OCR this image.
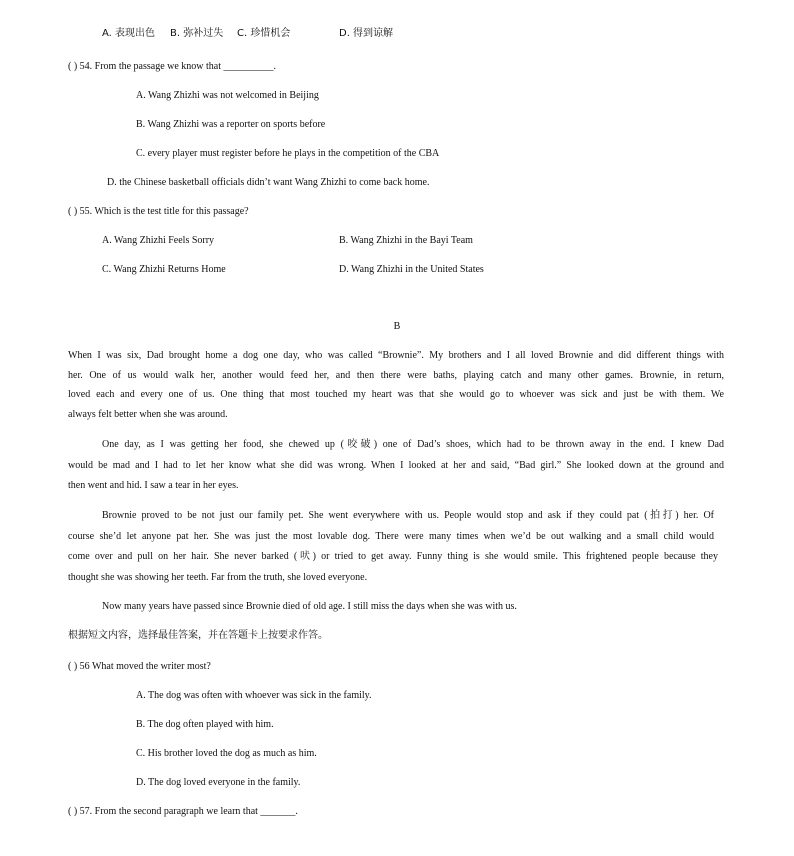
A. 表现出色 B. 弥补过失 C. 珍惜机会	D. 得到谅解
( ) 54. From the passage we know that __________.
A. Wang Zhizhi was not welcomed in Beijing
B. Wang Zhizhi was a reporter on sports before
C. every player must register before he plays in the competition of the CBA
D. the Chinese basketball officials didn’t want Wang Zhizhi to come back home.
( ) 55. Which is the test title for this passage?
A. Wang Zhizhi Feels Sorry	B. Wang Zhizhi in the Bayi Team
C. Wang Zhizhi Returns Home	D. Wang Zhizhi in the United States
B
When I was six, Dad brought home a dog one day, who was called “Brownie”. My brothers and I all loved Brownie and did different things with
her. One of us would walk her, another would feed her, and then there were baths, playing catch and many other games. Brownie, in return,
loved each and every one of us. One thing that most touched my heart was that she would go to whoever was sick and just be with them. We
always felt better when she was around.
One day, as I was getting her food, she chewed up (咬破) one of Dad’s shoes, which had to be thrown away in the end. I knew Dad
would be mad and I had to let her know what she did was wrong. When I looked at her and said, “Bad girl.” She looked down at the ground and
then went and hid. I saw a tear in her eyes.
Brownie proved to be not just our family pet. She went everywhere with us. People would stop and ask if they could pat (拍打) her. Of
course she’d let anyone pat her. She was just the most lovable dog. There were many times when we’d be out walking and a small child would
come over and pull on her hair. She never barked (吠) or tried to get away. Funny thing is she would smile. This frightened people because they
thought she was showing her teeth. Far from the truth, she loved everyone.
Now many years have passed since Brownie died of old age. I still miss the days when she was with us.
根据短文内容，选择最佳答案，并在答题卡上按要求作答。
( ) 56 What moved the writer most?
A. The dog was often with whoever was sick in the family.
B. The dog often played with him.
C. His brother loved the dog as much as him.
D. The dog loved everyone in the family.
( ) 57. From the second paragraph we learn that _______.
